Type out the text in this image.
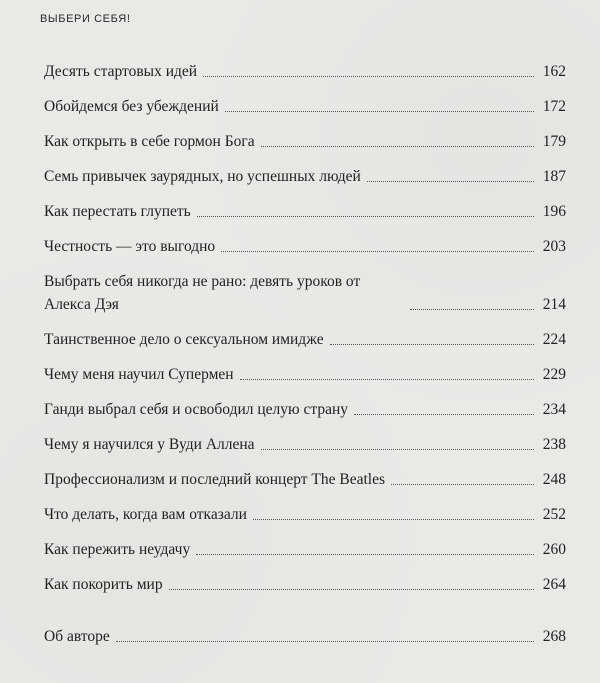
ВЫБЕРИ СЕБЯ!
Десять стартовых идей	162
Обойдемся без убеждений	172
Как открыть в себе гормон Бога	179
Семь привычек заурядных, но успешных людей	187
Как перестать глупеть	196
Честность — это выгодно	203
Выбрать себя никогда не рано: девять уроков от Алекса Дэя	214
Таинственное дело о сексуальном имидже	224
Чему меня научил Супермен	229
Ганди выбрал себя и освободил целую страну	234
Чему я научился у Вуди Аллена	238
Профессионализм и последний концерт The Beatles	248
Что делать, когда вам отказали	252
Как пережить неудачу	260
Как покорить мир	264
Об авторе	268
